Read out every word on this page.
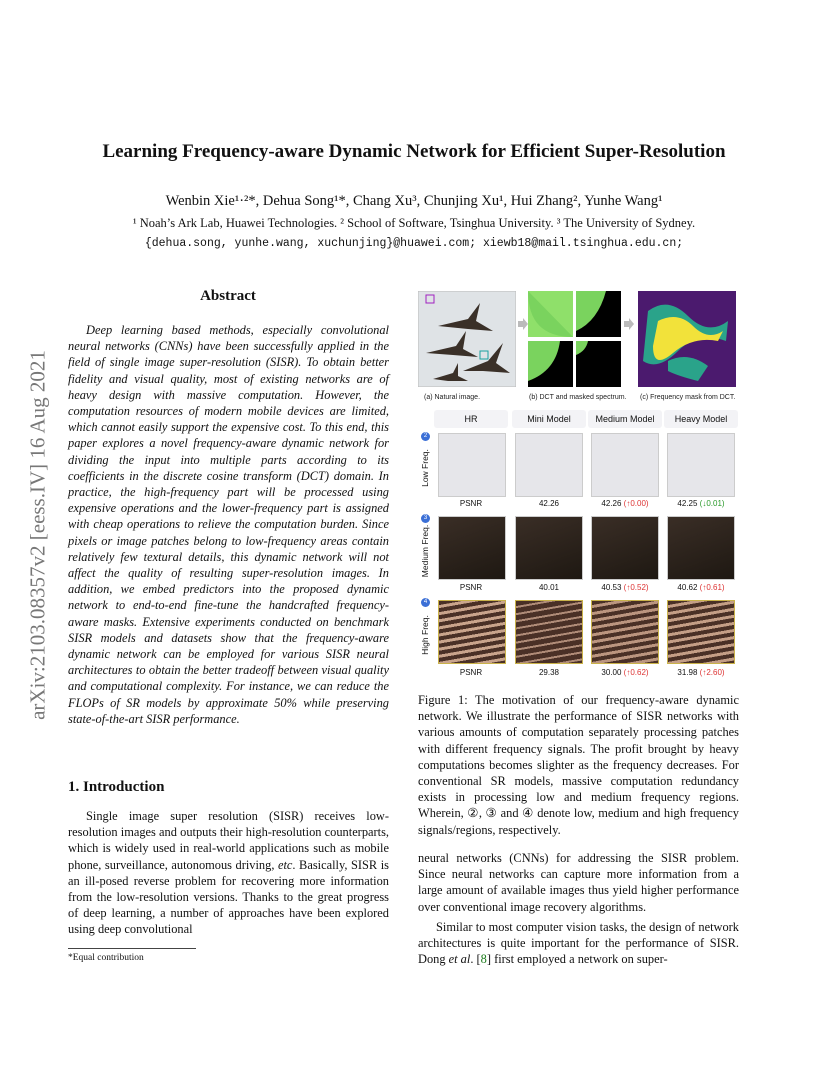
Learning Frequency-aware Dynamic Network for Efficient Super-Resolution
Wenbin Xie¹·²*, Dehua Song¹*, Chang Xu³, Chunjing Xu¹, Hui Zhang², Yunhe Wang¹
¹ Noah’s Ark Lab, Huawei Technologies. ² School of Software, Tsinghua University. ³ The University of Sydney.
{dehua.song, yunhe.wang, xuchunjing}@huawei.com; xiewb18@mail.tsinghua.edu.cn;
arXiv:2103.08357v2 [eess.IV] 16 Aug 2021
Abstract
Deep learning based methods, especially convolutional neural networks (CNNs) have been successfully applied in the field of single image super-resolution (SISR). To obtain better fidelity and visual quality, most of existing networks are of heavy design with massive computation. However, the computation resources of modern mobile devices are limited, which cannot easily support the expensive cost. To this end, this paper explores a novel frequency-aware dynamic network for dividing the input into multiple parts according to its coefficients in the discrete cosine transform (DCT) domain. In practice, the high-frequency part will be processed using expensive operations and the lower-frequency part is assigned with cheap operations to relieve the computation burden. Since pixels or image patches belong to low-frequency areas contain relatively few textural details, this dynamic network will not affect the quality of resulting super-resolution images. In addition, we embed predictors into the proposed dynamic network to end-to-end fine-tune the handcrafted frequency-aware masks. Extensive experiments conducted on benchmark SISR models and datasets show that the frequency-aware dynamic network can be employed for various SISR neural architectures to obtain the better tradeoff between visual quality and computational complexity. For instance, we can reduce the FLOPs of SR models by approximate 50% while preserving state-of-the-art SISR performance.
1. Introduction
Single image super resolution (SISR) receives low-resolution images and outputs their high-resolution counterparts, which is widely used in real-world applications such as mobile phone, surveillance, autonomous driving, etc. Basically, SISR is an ill-posed reverse problem for recovering more information from the low-resolution versions. Thanks to the great progress of deep learning, a number of approaches have been explored using deep convolutional
*Equal contribution
(a) Natural image.	(b) DCT and masked spectrum. (c) Frequency mask from DCT.
HR	Mini Model	Medium Model	Heavy Model
Low Freq.
2
PSNR	42.26	42.26 (↑0.00)	42.25 (↓0.01)
Medium Freq.
3
PSNR	40.01	40.53 (↑0.52)	40.62 (↑0.61)
High Freq.
4
PSNR	29.38	30.00 (↑0.62)	31.98 (↑2.60)
Figure 1: The motivation of our frequency-aware dynamic network. We illustrate the performance of SISR networks with various amounts of computation separately processing patches with different frequency signals. The profit brought by heavy computations becomes slighter as the frequency decreases. For conventional SR models, massive computation redundancy exists in processing low and medium frequency regions. Wherein, ②, ③ and ④ denote low, medium and high frequency signals/regions, respectively.
neural networks (CNNs) for addressing the SISR problem. Since neural networks can capture more information from a large amount of available images thus yield higher performance over conventional image recovery algorithms.
Similar to most computer vision tasks, the design of network architectures is quite important for the performance of SISR. Dong et al. [8] first employed a network on super-
